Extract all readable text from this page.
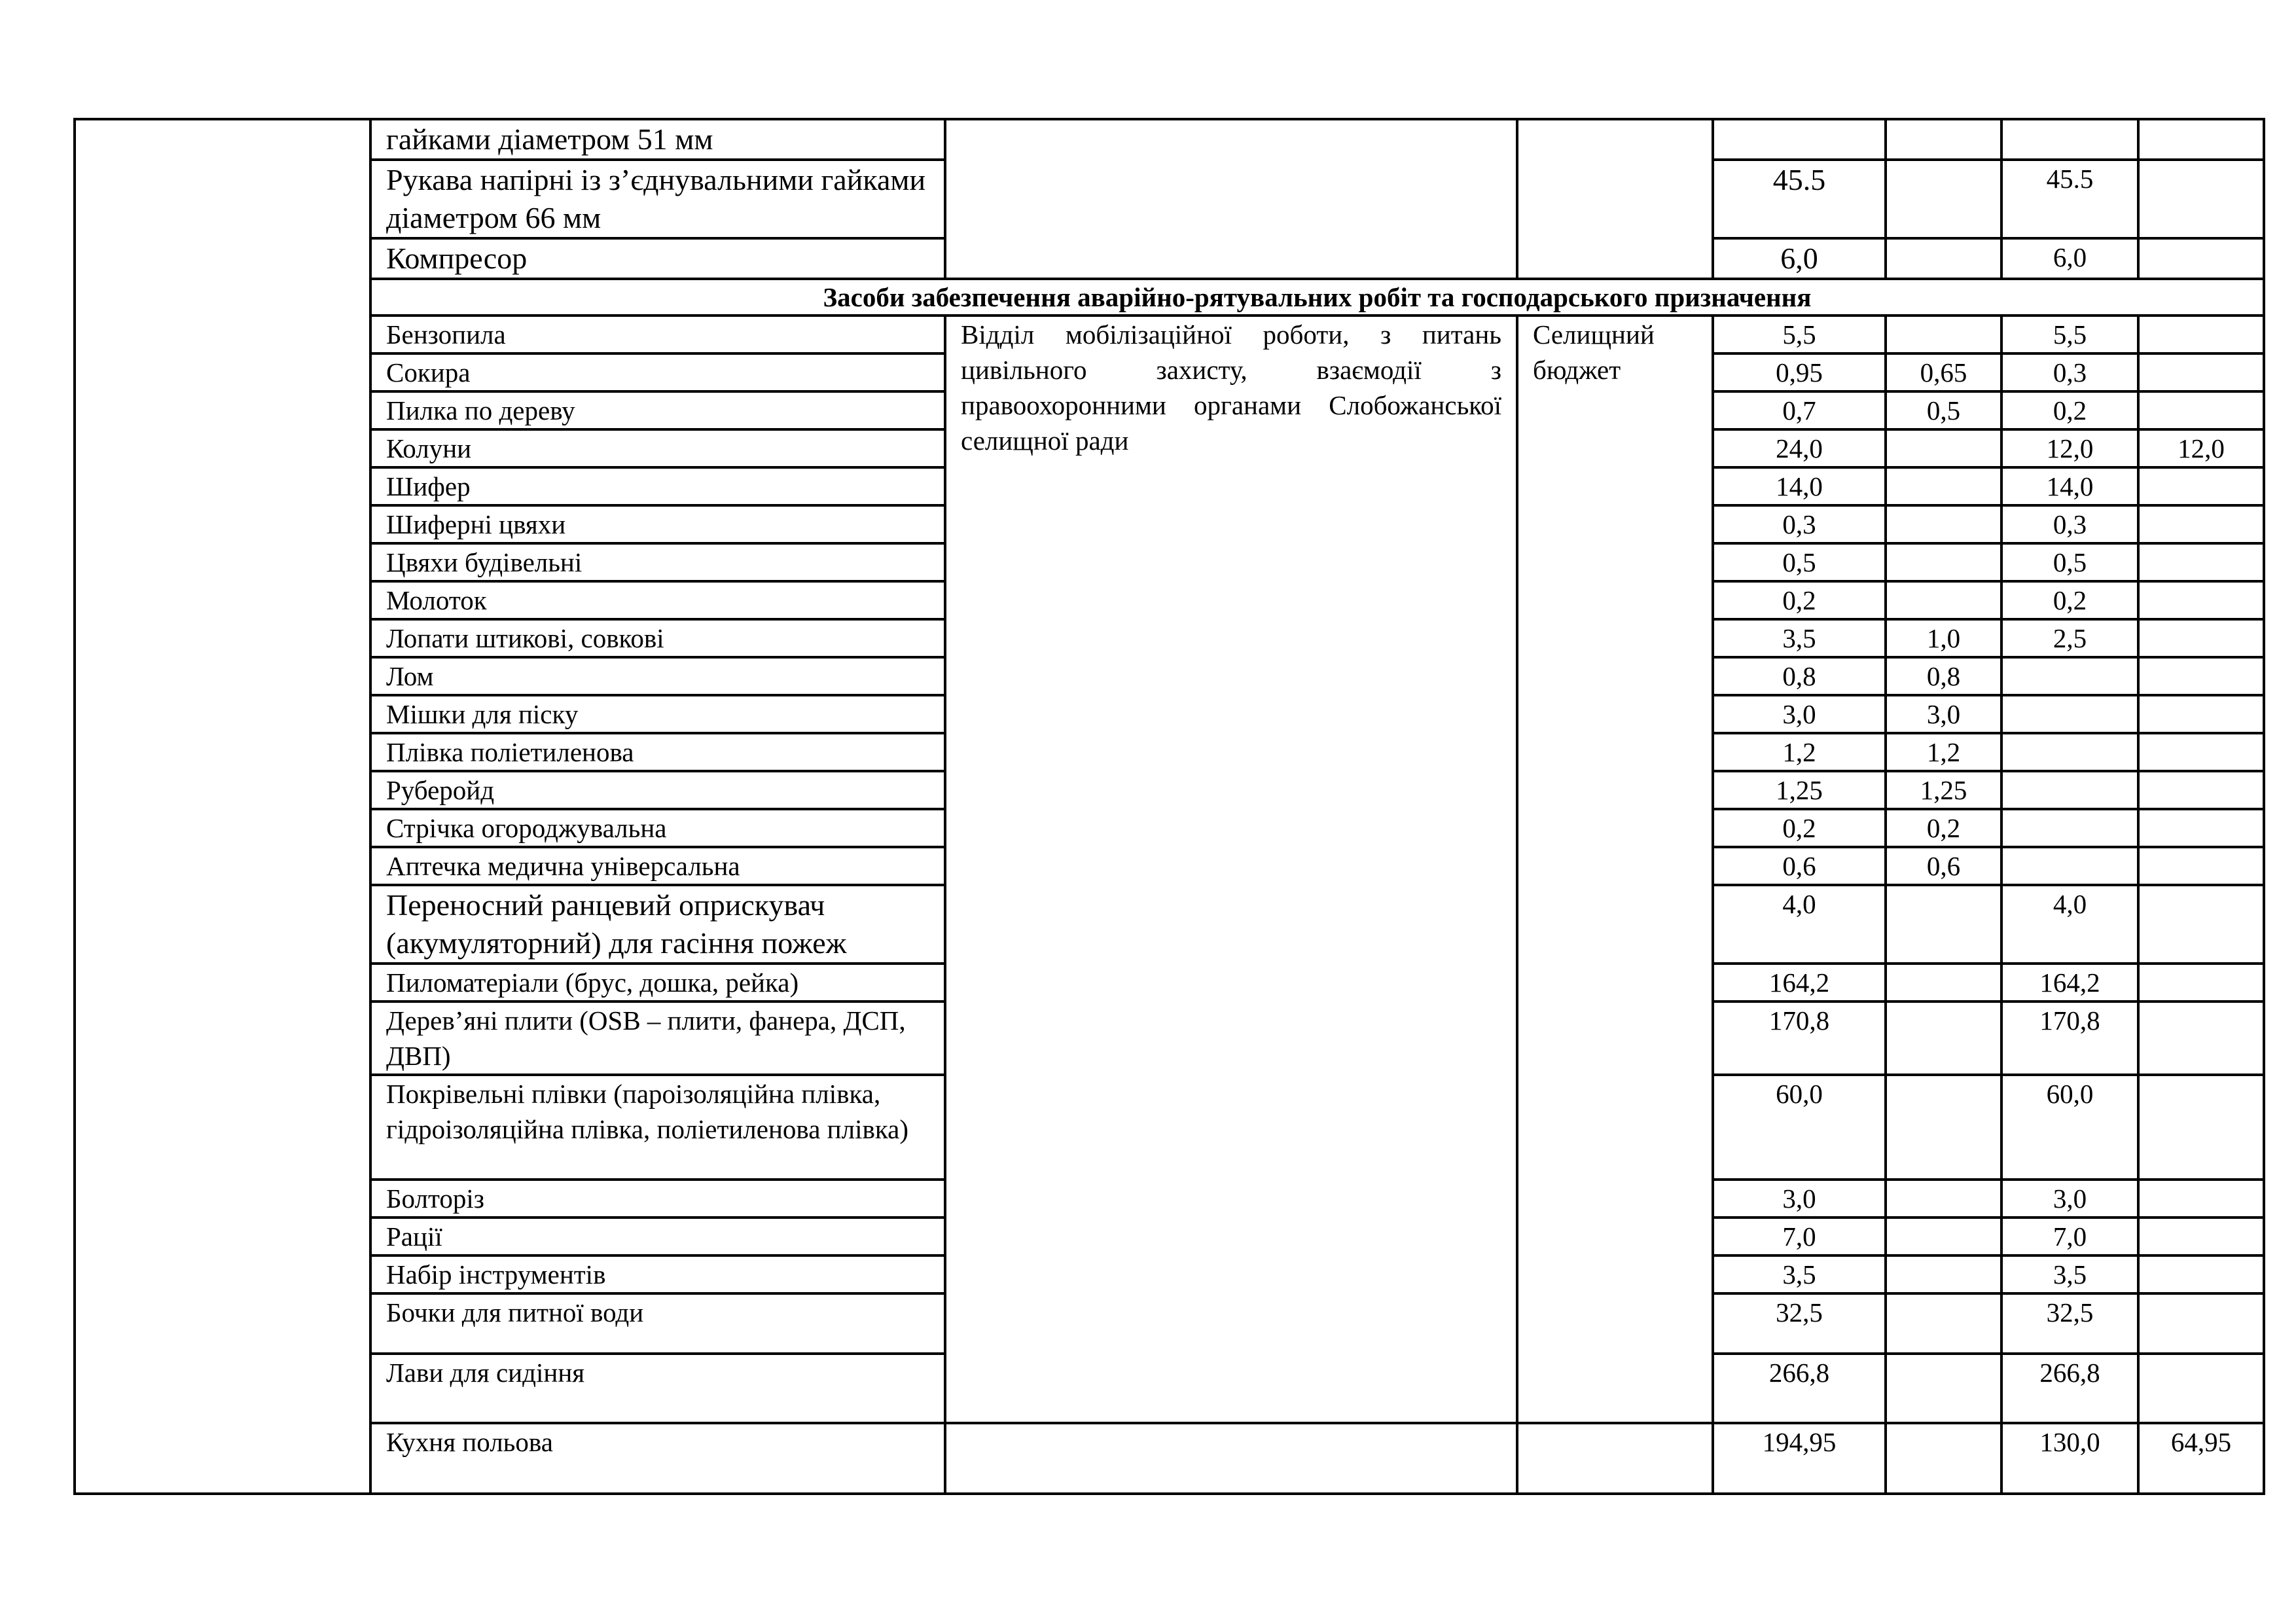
	гайками діаметром 51 мм						
	Рукава напірні із з’єднувальними гайками діаметром 66 мм			45.5		45.5	
	Компресор			6,0		6,0	
	Засоби забезпечення аварійно-рятувальних робіт та господарського призначення						
	Бензопила	Відділ мобілізаційної роботи, з питань цивільного захисту, взаємодії з правоохоронними органами Слобожанської селищної ради	Селищний бюджет	5,5		5,5	
	Сокира			0,95	0,65	0,3	
	Пилка по дереву			0,7	0,5	0,2	
	Колуни			24,0		12,0	12,0
	Шифер			14,0		14,0	
	Шиферні цвяхи			0,3		0,3	
	Цвяхи будівельні			0,5		0,5	
	Молоток			0,2		0,2	
	Лопати штикові, совкові			3,5	1,0	2,5	
	Лом			0,8	0,8		
	Мішки для піску			3,0	3,0		
	Плівка поліетиленова			1,2	1,2		
	Руберойд			1,25	1,25		
	Стрічка огороджувальна			0,2	0,2		
	Аптечка медична універсальна			0,6	0,6		
	Переносний ранцевий оприскувач (акумуляторний) для гасіння пожеж			4,0		4,0	
	Пиломатеріали (брус, дошка, рейка)			164,2		164,2	
	Дерев’яні плити (OSB – плити, фанера, ДСП, ДВП)			170,8		170,8	
	Покрівельні плівки (пароізоляційна плівка, гідроізоляційна плівка, поліетиленова плівка)			60,0		60,0	
	Болторіз			3,0		3,0	
	Рації			7,0		7,0	
	Набір інструментів			3,5		3,5	
	Бочки для питної води			32,5		32,5	
	Лави для сидіння			266,8		266,8	
	Кухня польова			194,95		130,0	64,95
